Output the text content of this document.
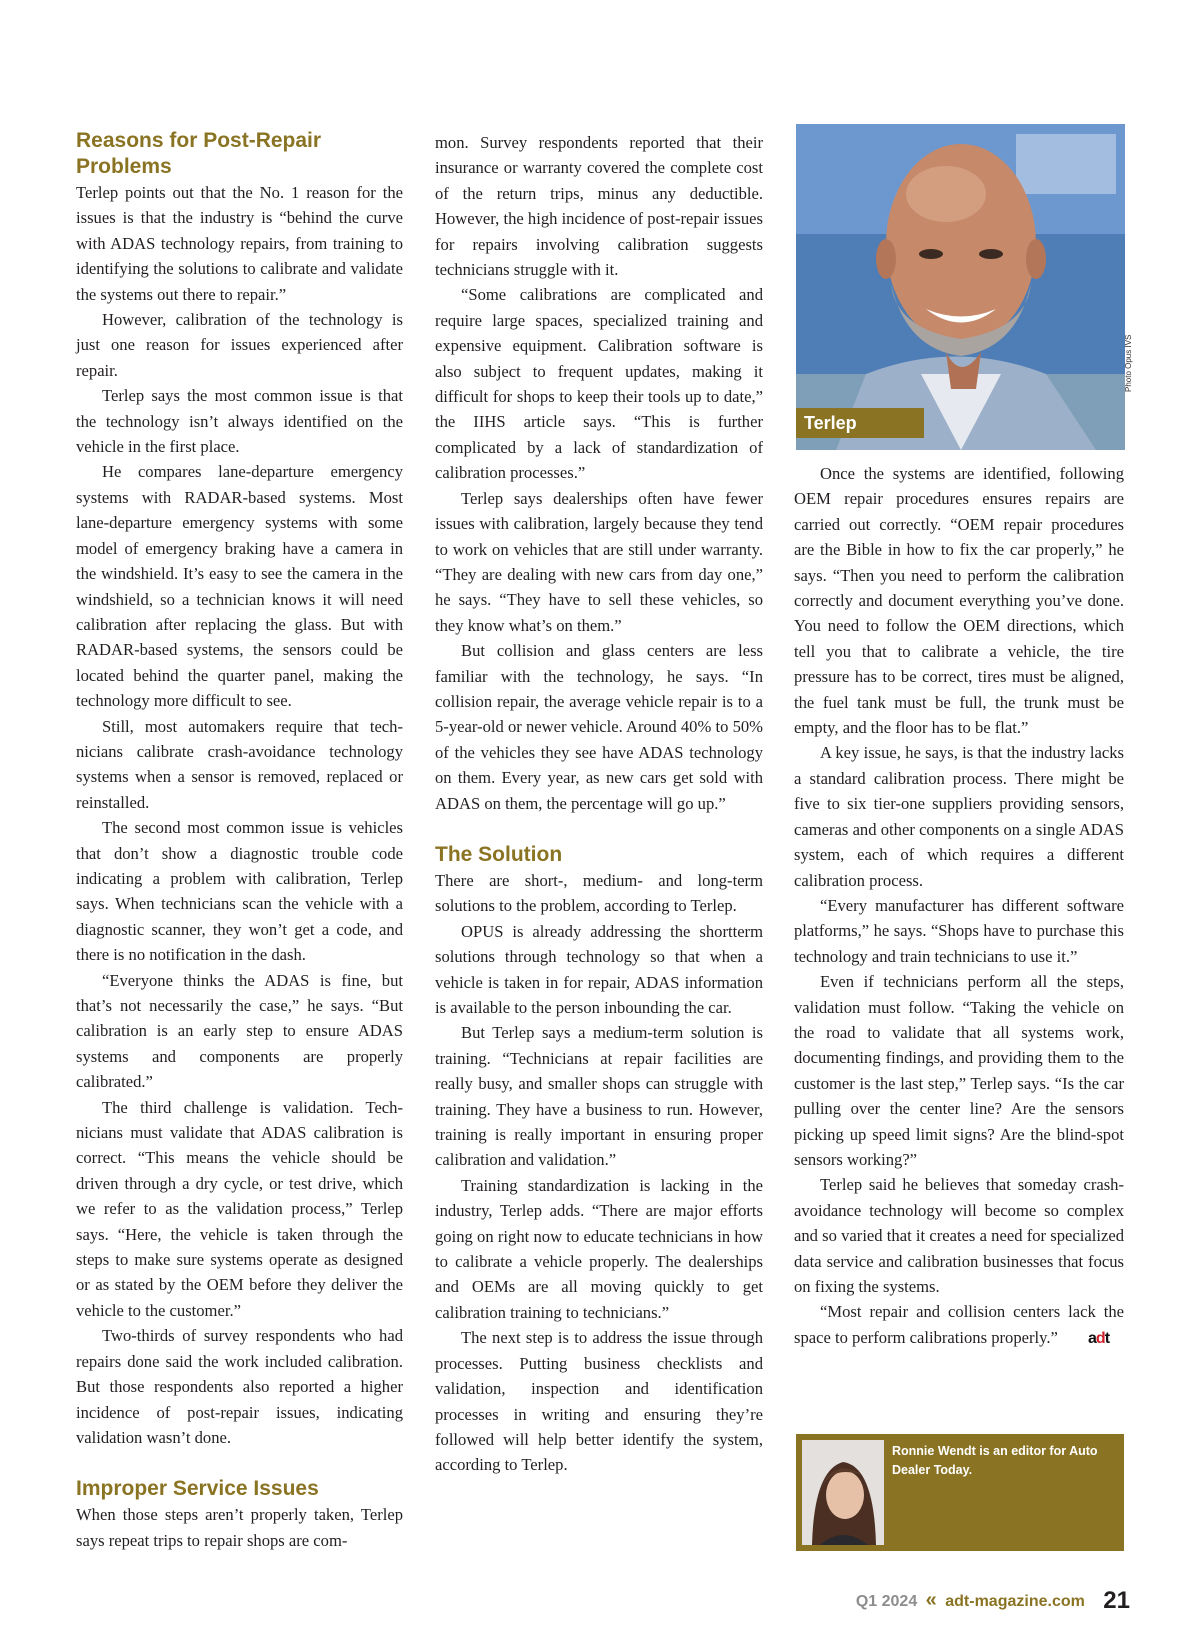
Reasons for Post-Repair Problems

Terlep points out that the No. 1 reason for the issues is that the industry is “behind the curve with ADAS technology repairs, from training to identifying the solutions to calibrate and validate the systems out there to repair.”

However, calibration of the technology is just one reason for issues experienced after repair.

Terlep says the most common issue is that the technology isn’t always identified on the vehicle in the first place.

He compares lane-departure emergency systems with RADAR-based systems. Most lane-departure emergency systems with some model of emergency braking have a camera in the windshield. It’s easy to see the camera in the windshield, so a technician knows it will need calibration after replacing the glass. But with RADAR-based systems, the sensors could be located behind the quarter panel, making the technology more difficult to see.

Still, most automakers require that technicians calibrate crash-avoidance technology systems when a sensor is removed, replaced or reinstalled.

The second most common issue is vehicles that don’t show a diagnostic trouble code indicating a problem with calibration, Terlep says. When technicians scan the vehicle with a diagnostic scanner, they won’t get a code, and there is no notification in the dash.

“Everyone thinks the ADAS is fine, but that’s not necessarily the case,” he says. “But calibration is an early step to ensure ADAS systems and components are properly calibrated.”

The third challenge is validation. Technicians must validate that ADAS calibration is correct. “This means the vehicle should be driven through a dry cycle, or test drive, which we refer to as the validation process,” Terlep says. “Here, the vehicle is taken through the steps to make sure systems operate as designed or as stated by the OEM before they deliver the vehicle to the customer.”

Two-thirds of survey respondents who had repairs done said the work included calibration. But those respondents also reported a higher incidence of post-repair issues, indicating validation wasn’t done.

Improper Service Issues

When those steps aren’t properly taken, Terlep says repeat trips to repair shops are com-

mon. Survey respondents reported that their insurance or warranty covered the complete cost of the return trips, minus any deductible. However, the high incidence of post-repair issues for repairs involving calibration suggests technicians struggle with it.

“Some calibrations are complicated and require large spaces, specialized training and expensive equipment. Calibration software is also subject to frequent updates, making it difficult for shops to keep their tools up to date,” the IIHS article says. “This is further complicated by a lack of standardization of calibration processes.”

Terlep says dealerships often have fewer issues with calibration, largely because they tend to work on vehicles that are still under warranty. “They are dealing with new cars from day one,” he says. “They have to sell these vehicles, so they know what’s on them.”

But collision and glass centers are less familiar with the technology, he says. “In collision repair, the average vehicle repair is to a 5-year-old or newer vehicle. Around 40% to 50% of the vehicles they see have ADAS technology on them. Every year, as new cars get sold with ADAS on them, the percentage will go up.”

The Solution

There are short-, medium- and long-term solutions to the problem, according to Terlep.

OPUS is already addressing the shortterm solutions through technology so that when a vehicle is taken in for repair, ADAS information is available to the person inbounding the car.

But Terlep says a medium-term solution is training. “Technicians at repair facilities are really busy, and smaller shops can struggle with training. They have a business to run. However, training is really important in ensuring proper calibration and validation.”

Training standardization is lacking in the industry, Terlep adds. “There are major efforts going on right now to educate technicians in how to calibrate a vehicle properly. The dealerships and OEMs are all moving quickly to get calibration training to technicians.”

The next step is to address the issue through processes. Putting business checklists and validation, inspection and identification processes in writing and ensuring they’re followed will help better identify the system, according to Terlep.

Terlep
Photo Opus IVS

Once the systems are identified, following OEM repair procedures ensures repairs are carried out correctly. “OEM repair procedures are the Bible in how to fix the car properly,” he says. “Then you need to perform the calibration correctly and document everything you’ve done. You need to follow the OEM directions, which tell you that to calibrate a vehicle, the tire pressure has to be correct, tires must be aligned, the fuel tank must be full, the trunk must be empty, and the floor has to be flat.”

A key issue, he says, is that the industry lacks a standard calibration process. There might be five to six tier-one suppliers providing sensors, cameras and other components on a single ADAS system, each of which requires a different calibration process.

“Every manufacturer has different software platforms,” he says. “Shops have to purchase this technology and train technicians to use it.”

Even if technicians perform all the steps, validation must follow. “Taking the vehicle on the road to validate that all systems work, documenting findings, and providing them to the customer is the last step,” Terlep says. “Is the car pulling over the center line? Are the sensors picking up speed limit signs? Are the blind-spot sensors working?”

Terlep said he believes that someday crash-avoidance technology will become so complex and so varied that it creates a need for specialized data service and calibration businesses that focus on fixing the systems.

“Most repair and collision centers lack the space to perform calibrations properly.” adt

Ronnie Wendt is an editor for Auto Dealer Today.
Q1 2024 « adt-magazine.com 21
